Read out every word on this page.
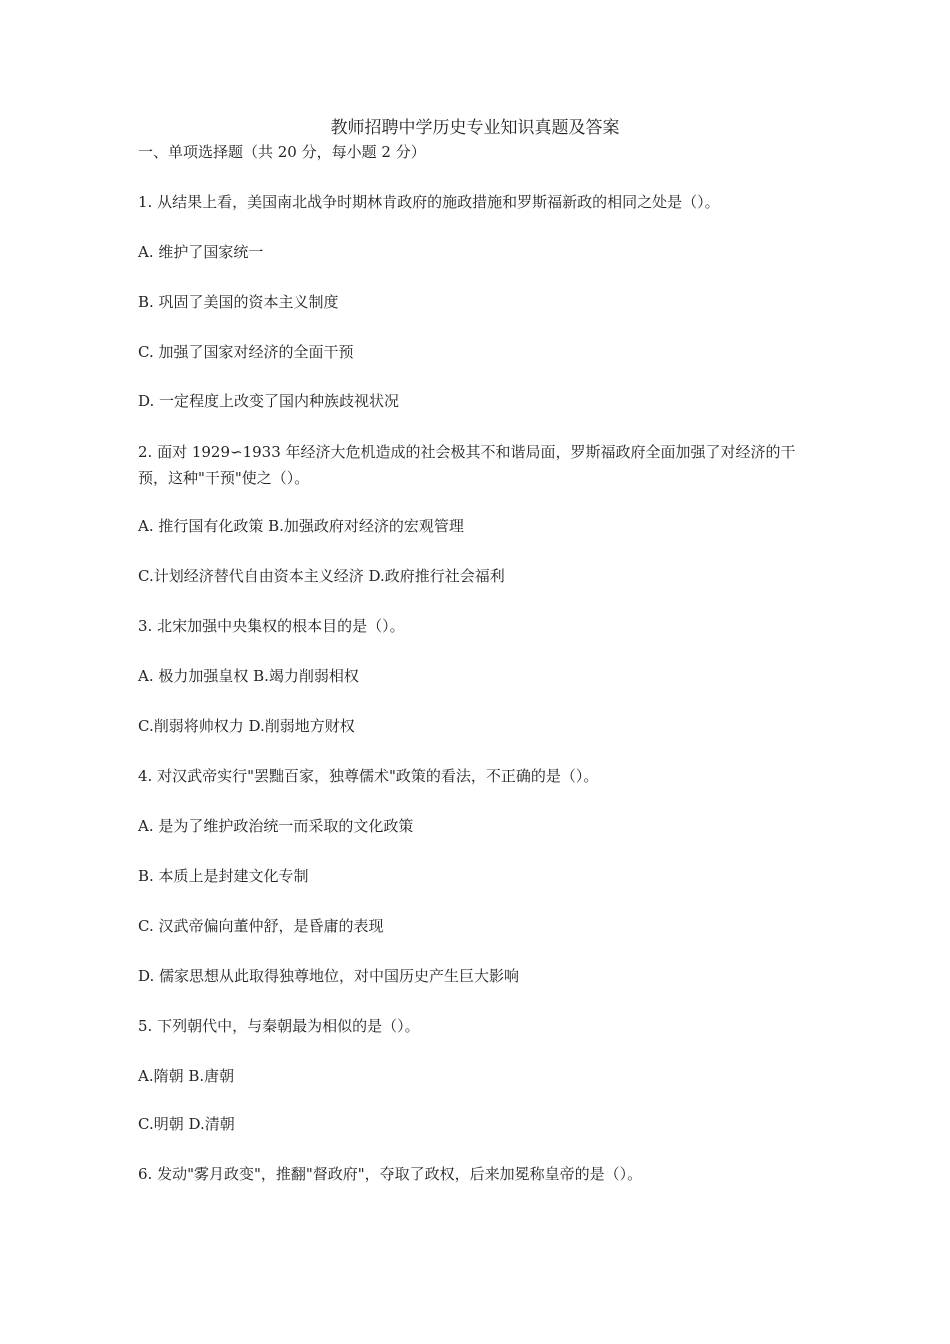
教师招聘中学历史专业知识真题及答案
一、单项选择题（共 20 分，每小题 2 分）
1. 从结果上看，美国南北战争时期林肯政府的施政措施和罗斯福新政的相同之处是（）。
A. 维护了国家统一
B. 巩固了美国的资本主义制度
C. 加强了国家对经济的全面干预
D. 一定程度上改变了国内种族歧视状况
2. 面对 1929∽1933 年经济大危机造成的社会极其不和谐局面，罗斯福政府全面加强了对经济的干预，这种"干预"使之（）。
A. 推行国有化政策 B.加强政府对经济的宏观管理
C.计划经济替代自由资本主义经济 D.政府推行社会福利
3. 北宋加强中央集权的根本目的是（）。
A. 极力加强皇权 B.竭力削弱相权
C.削弱将帅权力 D.削弱地方财权
4. 对汉武帝实行"罢黜百家，独尊儒术"政策的看法，不正确的是（）。
A. 是为了维护政治统一而采取的文化政策
B. 本质上是封建文化专制
C. 汉武帝偏向董仲舒，是昏庸的表现
D. 儒家思想从此取得独尊地位，对中国历史产生巨大影响
5. 下列朝代中，与秦朝最为相似的是（）。
A.隋朝 B.唐朝
C.明朝 D.清朝
6. 发动"雾月政变"，推翻"督政府"，夺取了政权，后来加冕称皇帝的是（）。
